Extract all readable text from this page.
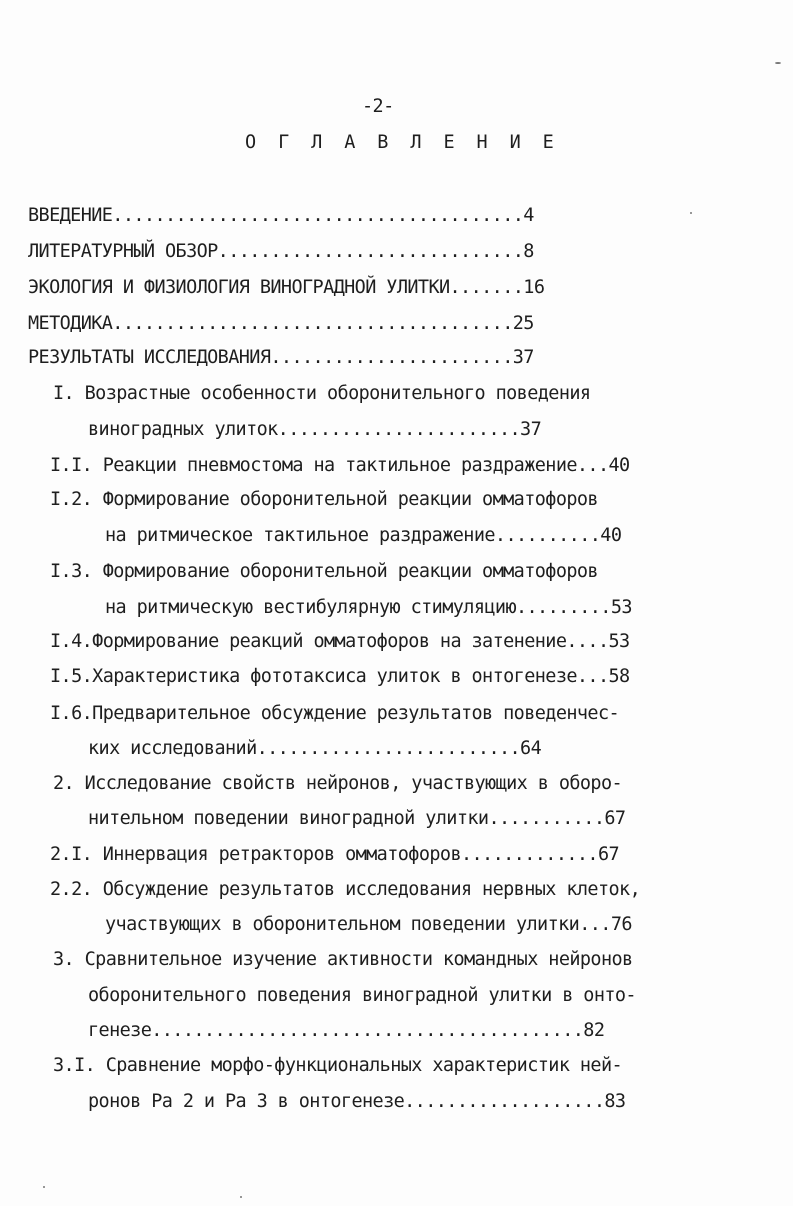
-2-
О Г Л А В Л Е Н И Е
ВВЕДЕНИЕ.......................................4
ЛИТЕРАТУРНЫЙ ОБЗОР.............................8
ЭКОЛОГИЯ И ФИЗИОЛОГИЯ ВИНОГРАДНОЙ УЛИТКИ.......16
МЕТОДИКА......................................25
РЕЗУЛЬТАТЫ ИССЛЕДОВАНИЯ.......................37
I. Возрастные особенности оборонительного поведения
виноградных улиток.......................37
I.I. Реакции пневмостома на тактильное раздражение...40
I.2. Формирование оборонительной реакции омматофоров
на ритмическое тактильное раздражение..........40
I.3. Формирование оборонительной реакции омматофоров
на ритмическую вестибулярную стимуляцию.........53
I.4.Формирование реакций омматофоров на затенение....53
I.5.Характеристика фототаксиса улиток в онтогенезе...58
I.6.Предварительное обсуждение результатов поведенчес-
ких исследований.........................64
2. Исследование свойств нейронов, участвующих в оборо-
нительном поведении виноградной улитки...........67
2.I. Иннервация ретракторов омматофоров.............67
2.2. Обсуждение результатов исследования нервных клеток,
участвующих в оборонительном поведении улитки...76
3. Сравнительное изучение активности командных нейронов
оборонительного поведения виноградной улитки в онто-
генезе.........................................82
3.I. Сравнение морфо-функциональных характеристик ней-
ронов Pa 2 и Pa 3 в онтогенезе...................83
